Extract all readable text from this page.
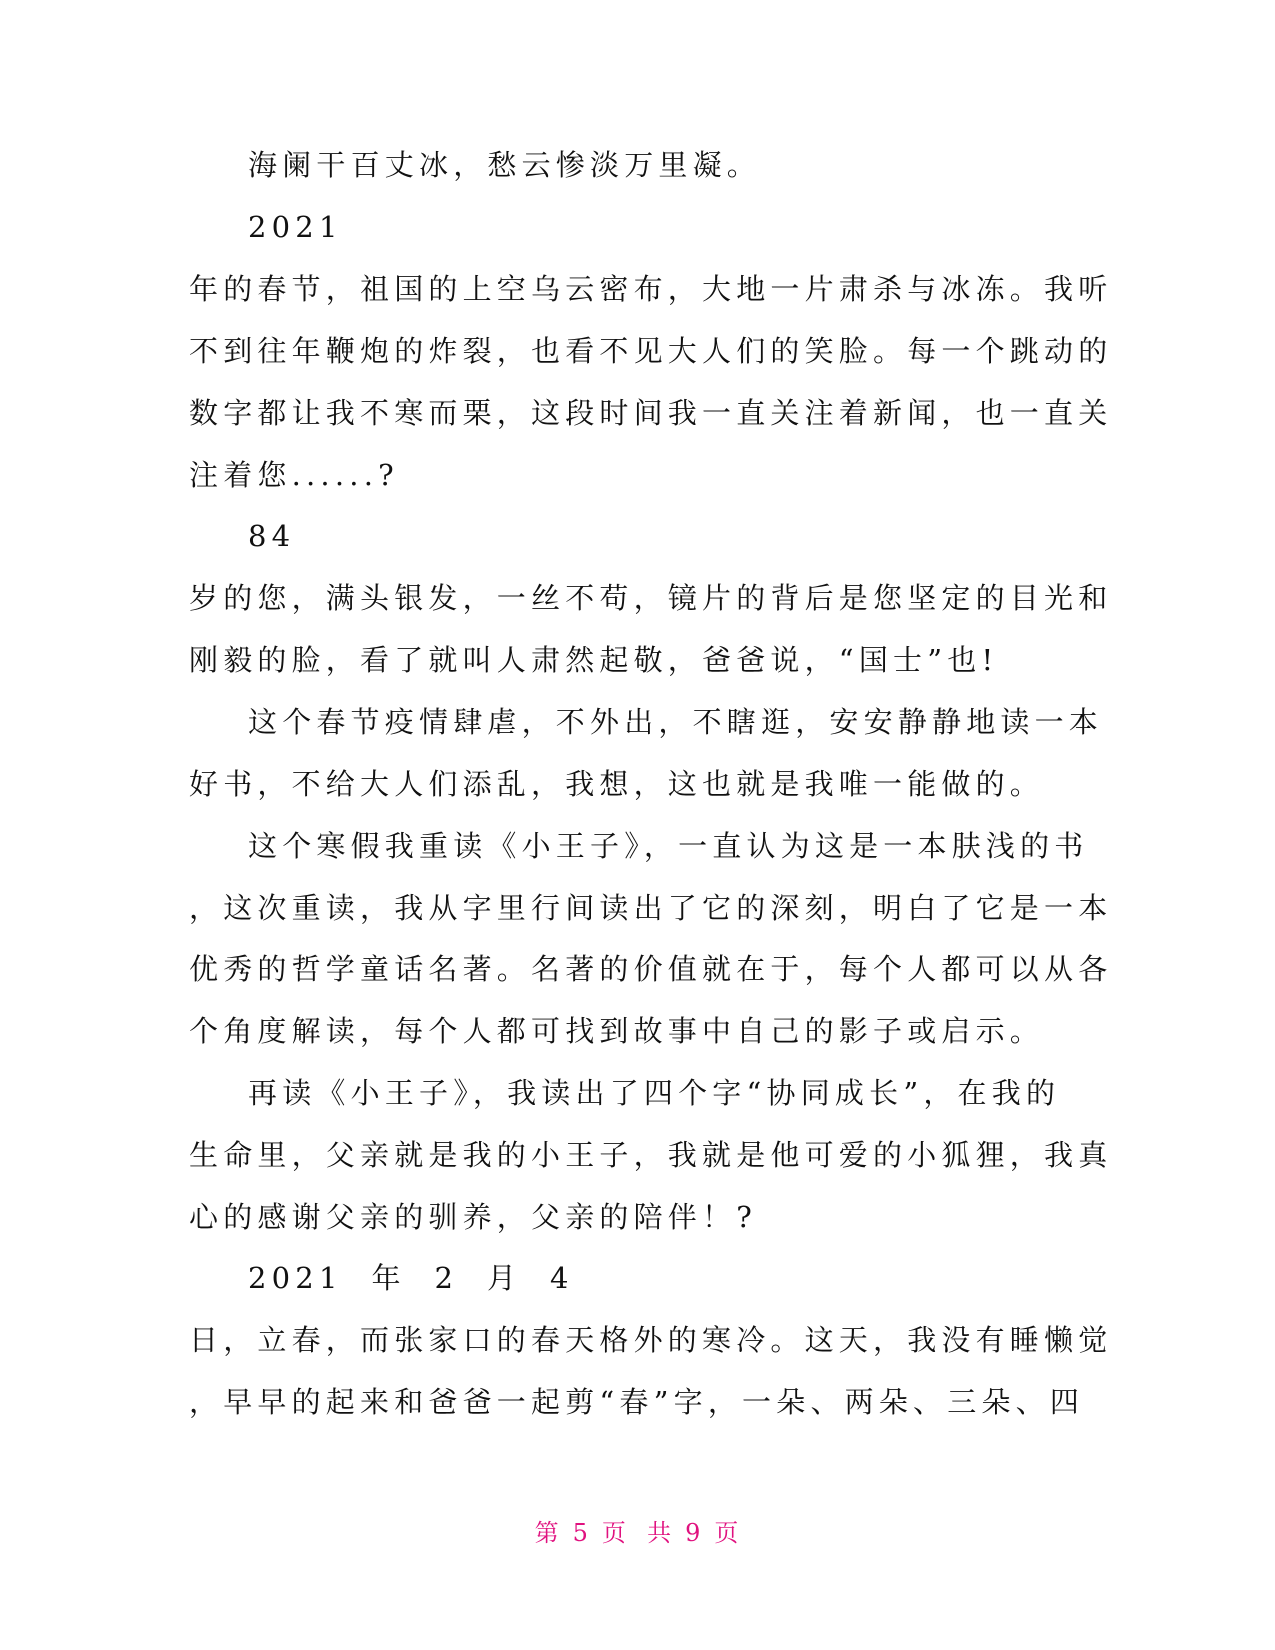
海阑干百丈冰，愁云惨淡万里凝。
2021
年的春节，祖国的上空乌云密布，大地一片肃杀与冰冻。我听
不到往年鞭炮的炸裂，也看不见大人们的笑脸。每一个跳动的
数字都让我不寒而栗，这段时间我一直关注着新闻，也一直关
注着您......?
84
岁的您，满头银发，一丝不苟，镜片的背后是您坚定的目光和
刚毅的脸，看了就叫人肃然起敬，爸爸说，“国士”也!
这个春节疫情肆虐，不外出，不瞎逛，安安静静地读一本
好书，不给大人们添乱，我想，这也就是我唯一能做的。
这个寒假我重读《小王子》，一直认为这是一本肤浅的书
，这次重读，我从字里行间读出了它的深刻，明白了它是一本
优秀的哲学童话名著。名著的价值就在于，每个人都可以从各
个角度解读，每个人都可找到故事中自己的影子或启示。
再读《小王子》，我读出了四个字“协同成长”，在我的
生命里，父亲就是我的小王子，我就是他可爱的小狐狸，我真
心的感谢父亲的驯养，父亲的陪伴！?
2021  年  2  月  4
日，立春，而张家口的春天格外的寒冷。这天，我没有睡懒觉
，早早的起来和爸爸一起剪“春”字，一朵、两朵、三朵、四
第 5 页  共 9 页
